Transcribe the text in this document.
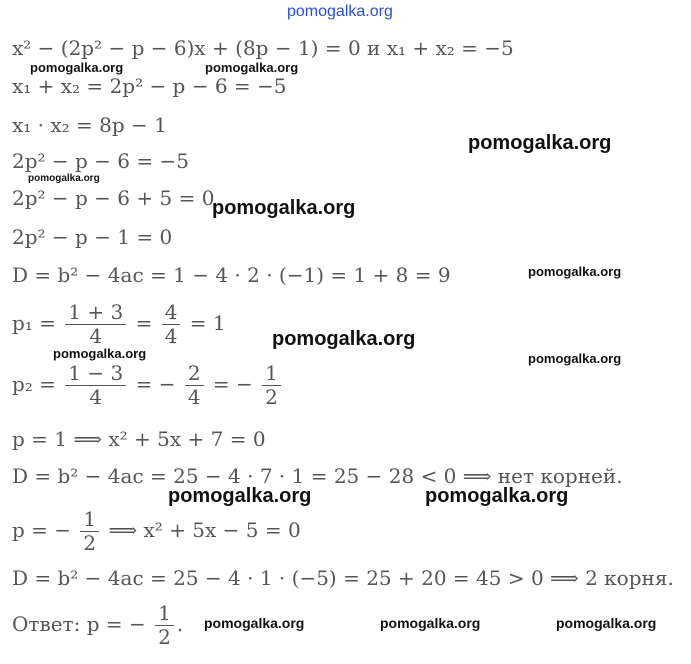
pomogalka.org
x² − (2p² − p − 6)x + (8p − 1) = 0 и x₁ + x₂ = −5
pomogalka.org	pomogalka.org
x₁ + x₂ = 2p² − p − 6 = −5
x₁ · x₂ = 8p − 1
pomogalka.org
2p² − p − 6 = −5
pomogalka.org
2p² − p − 6 + 5 = 0
pomogalka.org
2p² − p − 1 = 0
D = b² − 4ac = 1 − 4 · 2 · (−1) = 1 + 8 = 9	pomogalka.org
$p_1 = \frac{1 + 3}{4} = \frac{4}{4} = 1$
pomogalka.org
pomogalka.org	pomogalka.org
$p_2 = \frac{1 - 3}{4}$ = − $\frac{2}{4}$ = − $\frac{1}{2}$
p = 1 ⟹ x² + 5x + 7 = 0
D = b² − 4ac = 25 − 4 · 7 · 1 = 25 − 28 < 0 ⟹ нет корней.
pomogalka.org	pomogalka.org
p = − $\frac{1}{2}$ ⟹ x² + 5x − 5 = 0
D = b² − 4ac = 25 − 4 · 1 · (−5) = 25 + 20 = 45 > 0 ⟹ 2 корня.
Ответ: p = − $\frac{1}{2}$ . pomogalka.org	pomogalka.org	pomogalka.org
